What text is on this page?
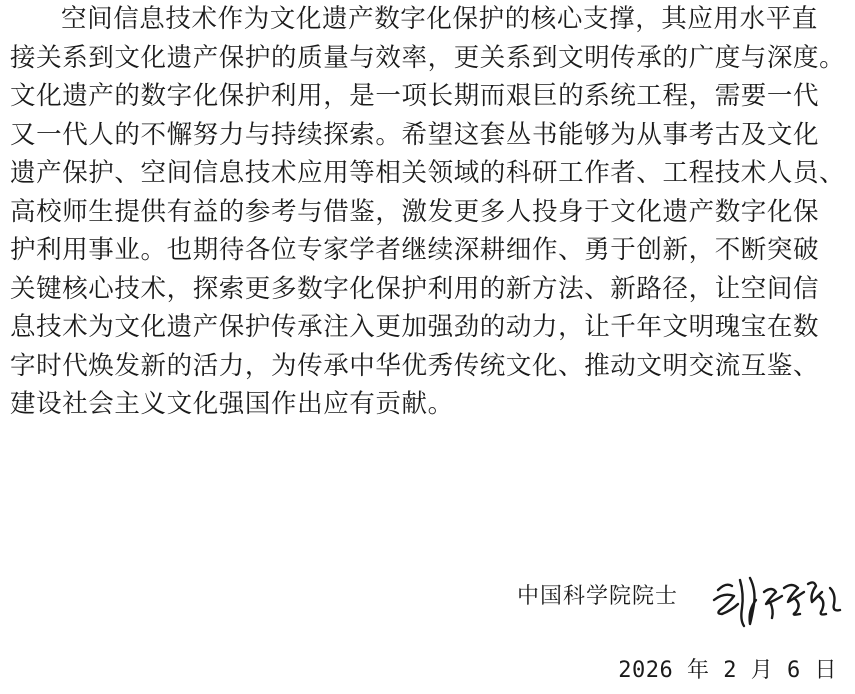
空间信息技术作为文化遗产数字化保护的核心支撑，其应用水平直
接关系到文化遗产保护的质量与效率，更关系到文明传承的广度与深度。
文化遗产的数字化保护利用，是一项长期而艰巨的系统工程，需要一代
又一代人的不懈努力与持续探索。希望这套丛书能够为从事考古及文化
遗产保护、空间信息技术应用等相关领域的科研工作者、工程技术人员、
高校师生提供有益的参考与借鉴，激发更多人投身于文化遗产数字化保
护利用事业。也期待各位专家学者继续深耕细作、勇于创新，不断突破
关键核心技术，探索更多数字化保护利用的新方法、新路径，让空间信
息技术为文化遗产保护传承注入更加强劲的动力，让千年文明瑰宝在数
字时代焕发新的活力，为传承中华优秀传统文化、推动文明交流互鉴、
建设社会主义文化强国作出应有贡献。
中国科学院院士
2026 年 2 月 6 日
